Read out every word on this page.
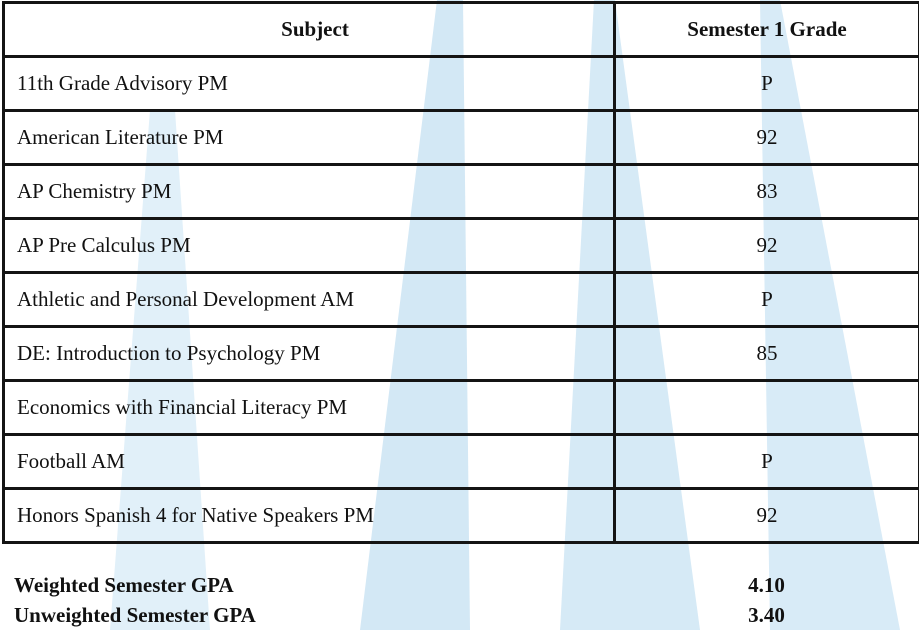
Subject	Semester 1 Grade
11th Grade Advisory PM	P
American Literature PM	92
AP Chemistry PM	83
AP Pre Calculus PM	92
Athletic and Personal Development AM	P
DE: Introduction to Psychology PM	85
Economics with Financial Literacy PM	
Football AM	P
Honors Spanish 4 for Native Speakers PM	92
Weighted Semester GPA	4.10
Unweighted Semester GPA	3.40
